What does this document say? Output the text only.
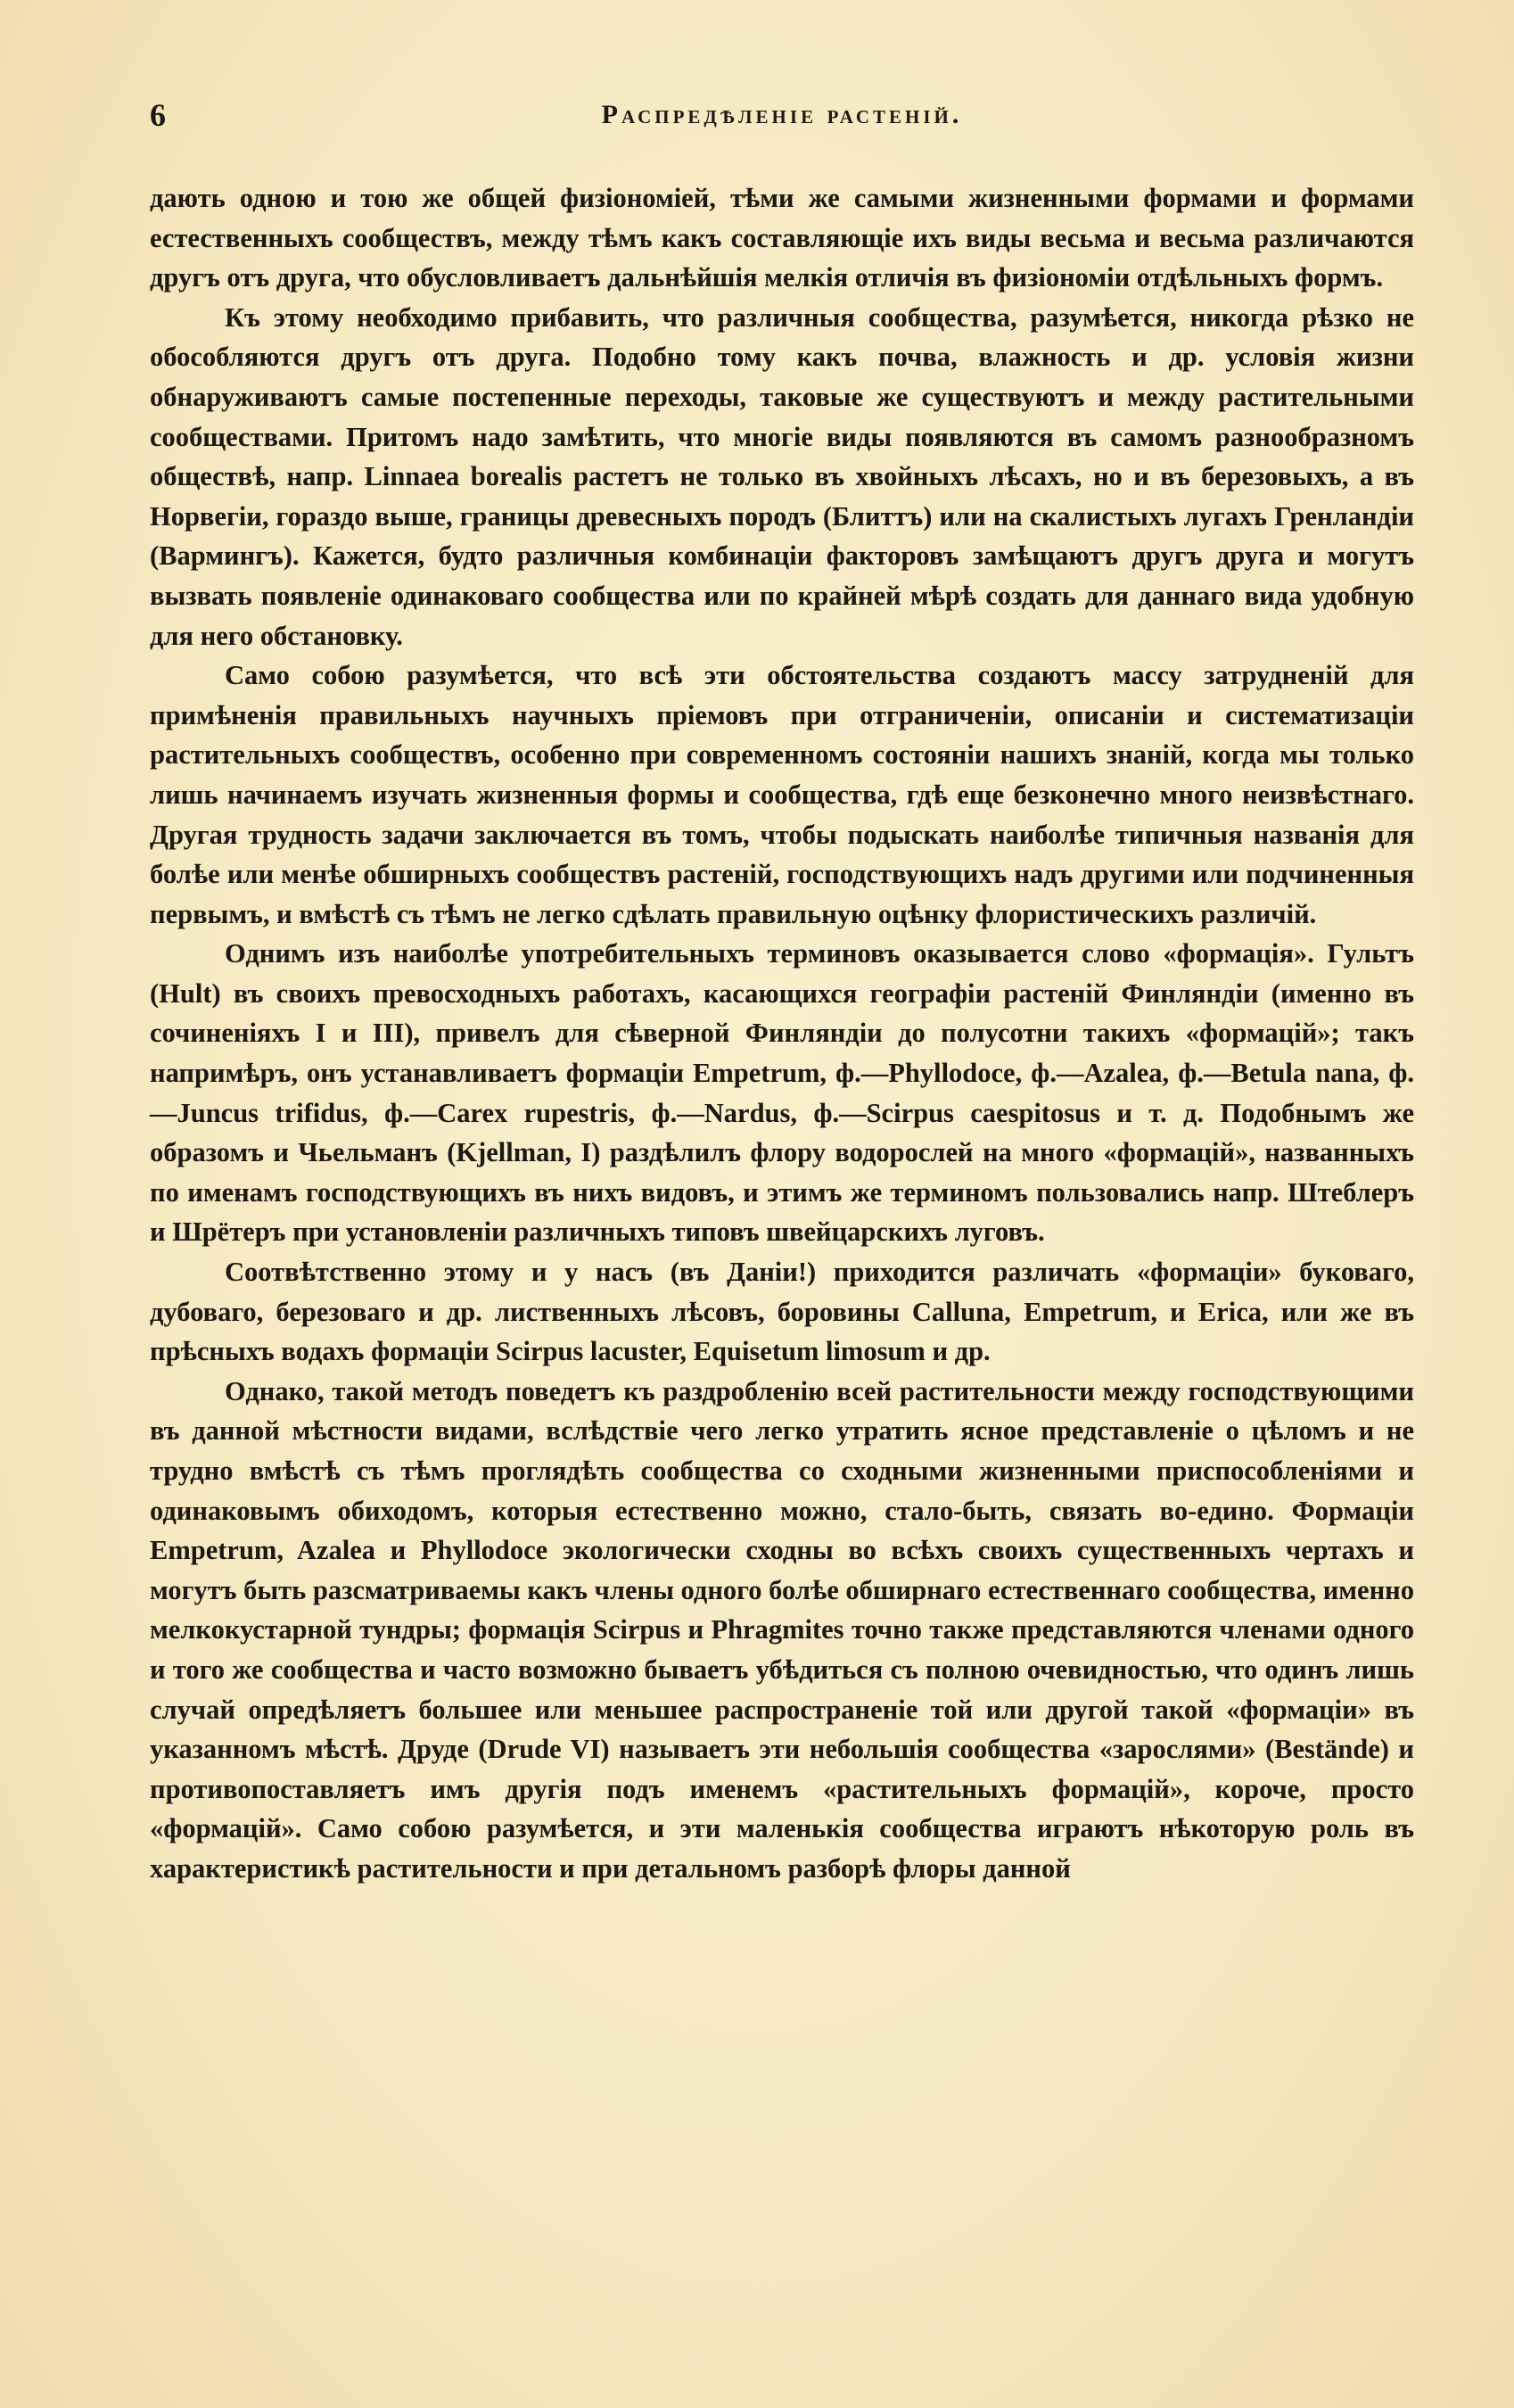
6	Распредѣленіе растеній.

дають одною и тою же общей физіономіей, тѣми же самыми жизненными формами и формами естественныхъ сообществъ, между тѣмъ какъ составляющіе ихъ виды весьма и весьма различаются другъ отъ друга, что обусловливаетъ дальнѣйшія мелкія отличія въ физіономіи отдѣльныхъ формъ.

Къ этому необходимо прибавить, что различныя сообщества, разумѣется, никогда рѣзко не обособляются другъ отъ друга. Подобно тому какъ почва, влажность и др. условія жизни обнаруживаютъ самые постепенные переходы, таковые же существуютъ и между растительными сообществами. Притомъ надо замѣтить, что многіе виды появляются въ самомъ разнообразномъ обществѣ, напр. Linnaea borealis растетъ не только въ хвойныхъ лѣсахъ, но и въ березовыхъ, а въ Норвегіи, гораздо выше, границы древесныхъ породъ (Блиттъ) или на скалистыхъ лугахъ Гренландіи (Вармингъ). Кажется, будто различныя комбинаціи факторовъ замѣщаютъ другъ друга и могутъ вызвать появленіе одинаковаго сообщества или по крайней мѣрѣ создать для даннаго вида удобную для него обстановку.

Само собою разумѣется, что всѣ эти обстоятельства создаютъ массу затрудненій для примѣненія правильныхъ научныхъ пріемовъ при отграниченіи, описаніи и систематизаціи растительныхъ сообществъ, особенно при современномъ состояніи нашихъ знаній, когда мы только лишь начинаемъ изучать жизненныя формы и сообщества, гдѣ еще безконечно много неизвѣстнаго. Другая трудность задачи заключается въ томъ, чтобы подыскать наиболѣе типичныя названія для болѣе или менѣе обширныхъ сообществъ растеній, господствующихъ надъ другими или подчиненныя первымъ, и вмѣстѣ съ тѣмъ не легко сдѣлать правильную оцѣнку флористическихъ различій.

Однимъ изъ наиболѣе употребительныхъ терминовъ оказывается слово «формація». Гультъ (Hult) въ своихъ превосходныхъ работахъ, касающихся географіи растеній Финляндіи (именно въ сочиненіяхъ I и III), привелъ для сѣверной Финляндіи до полусотни такихъ «формацій»; такъ напримѣръ, онъ устанавливаетъ формаціи Empetrum, ф.—Phyllodoce, ф.—Azalea, ф.—Betula nana, ф.—Juncus trifidus, ф.—Carex rupestris, ф.—Nardus, ф.—Scirpus caespitosus и т. д. Подобнымъ же образомъ и Чьельманъ (Kjellman, I) раздѣлилъ флору водорослей на много «формацій», названныхъ по именамъ господствующихъ въ нихъ видовъ, и этимъ же терминомъ пользовались напр. Штеблеръ и Шрётеръ при установленіи различныхъ типовъ швейцарскихъ луговъ.

Соотвѣтственно этому и у насъ (въ Даніи!) приходится различать «формаціи» буковаго, дубоваго, березоваго и др. лиственныхъ лѣсовъ, боровины Calluna, Empetrum, и Erica, или же въ прѣсныхъ водахъ формаціи Scirpus lacuster, Equisetum limosum и др.

Однако, такой методъ поведетъ къ раздробленію всей растительности между господствующими въ данной мѣстности видами, вслѣдствіе чего легко утратить ясное представленіе о цѣломъ и не трудно вмѣстѣ съ тѣмъ проглядѣть сообщества со сходными жизненными приспособленіями и одинаковымъ обиходомъ, которыя естественно можно, стало-быть, связать во-едино. Формаціи Empetrum, Azalea и Phyllodoce экологически сходны во всѣхъ своихъ существенныхъ чертахъ и могутъ быть разсматриваемы какъ члены одного болѣе обширнаго естественнаго сообщества, именно мелкокустарной тундры; формація Scirpus и Phragmites точно также представляются членами одного и того же сообщества и часто возможно бываетъ убѣдиться съ полною очевидностью, что одинъ лишь случай опредѣляетъ большее или меньшее распространеніе той или другой такой «формаціи» въ указанномъ мѣстѣ. Друде (Drude VI) называетъ эти небольшія сообщества «зарослями» (Bestände) и противопоставляетъ имъ другія подъ именемъ «растительныхъ формацій», короче, просто «формацій». Само собою разумѣется, и эти маленькія сообщества играютъ нѣкоторую роль въ характеристикѣ растительности и при детальномъ разборѣ флоры данной
